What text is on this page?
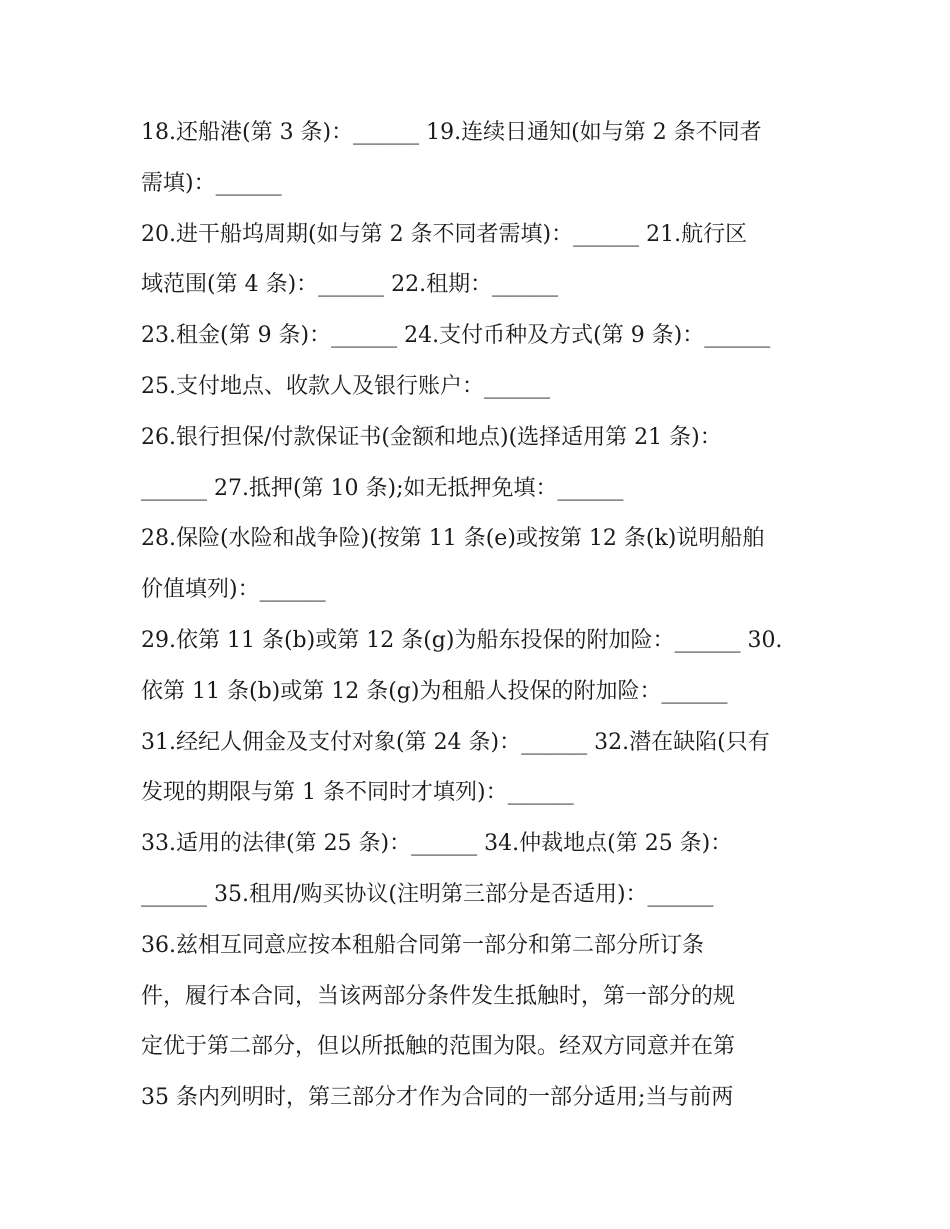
18.还船港(第 3 条)：______ 19.连续日通知(如与第 2 条不同者
需填)：______
20.进干船坞周期(如与第 2 条不同者需填)：______ 21.航行区
域范围(第 4 条)：______ 22.租期：______
23.租金(第 9 条)：______ 24.支付币种及方式(第 9 条)：______
25.支付地点、收款人及银行账户：______
26.银行担保/付款保证书(金额和地点)(选择适用第 21 条)：
______ 27.抵押(第 10 条);如无抵押免填：______
28.保险(水险和战争险)(按第 11 条(e)或按第 12 条(k)说明船舶
价值填列)：______
29.依第 11 条(b)或第 12 条(g)为船东投保的附加险：______ 30.
依第 11 条(b)或第 12 条(g)为租船人投保的附加险：______
31.经纪人佣金及支付对象(第 24 条)：______ 32.潜在缺陷(只有
发现的期限与第 1 条不同时才填列)：______
33.适用的法律(第 25 条)：______ 34.仲裁地点(第 25 条)：
______ 35.租用/购买协议(注明第三部分是否适用)：______
36.兹相互同意应按本租船合同第一部分和第二部分所订条
件，履行本合同，当该两部分条件发生抵触时，第一部分的规
定优于第二部分，但以所抵触的范围为限。经双方同意并在第
35 条内列明时，第三部分才作为合同的一部分适用;当与前两
